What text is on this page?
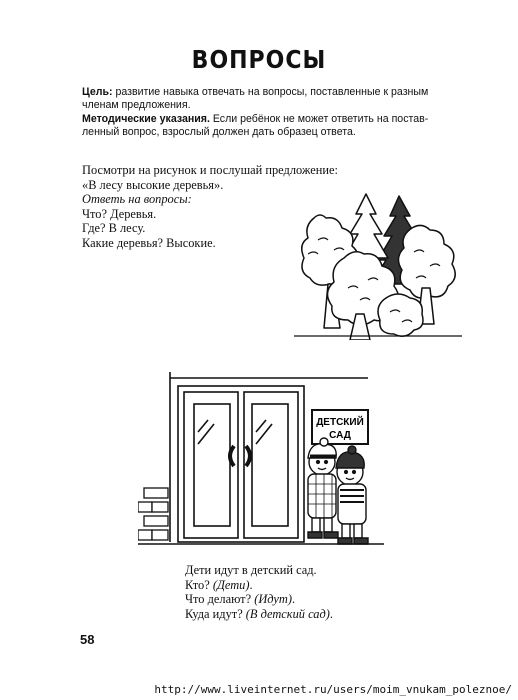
ВОПРОСЫ
Цель: развитие навыка отвечать на вопросы, поставленные к разным
членам предложения.
Методические указания. Если ребёнок не может ответить на постав-
ленный вопрос, взрослый должен дать образец ответа.
Посмотри на рисунок и послушай предложение:
«В лесу высокие деревья».
Ответь на вопросы:
Что? Деревья.
Где? В лесу.
Какие деревья? Высокие.
ДЕТСКИЙ
САД
Дети идут в детский сад.
Кто? (Дети).
Что делают? (Идут).
Куда идут? (В детский сад).
58
http://www.liveinternet.ru/users/moim_vnukam_poleznoe/
